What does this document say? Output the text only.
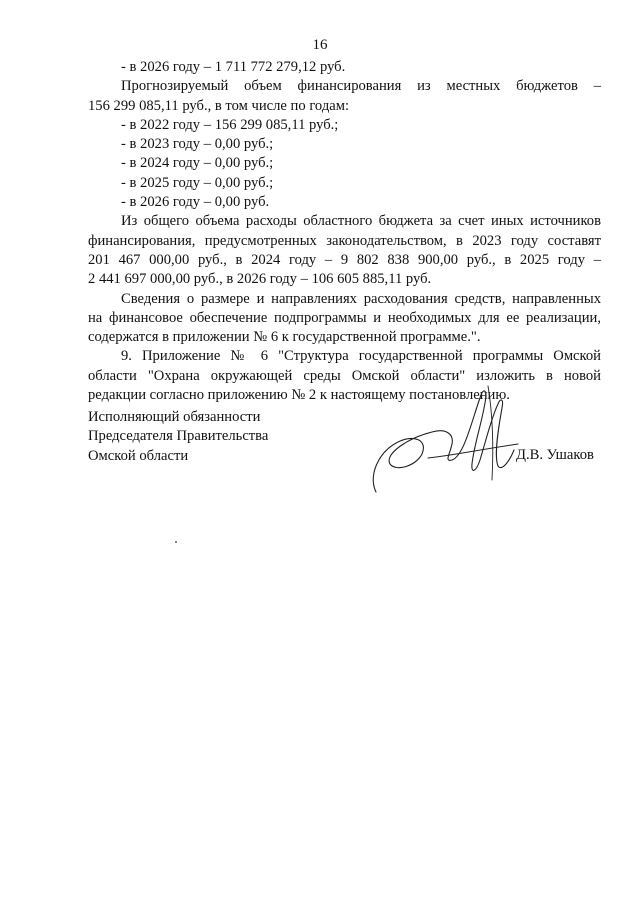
16
- в 2026 году – 1 711 772 279,12 руб.
Прогнозируемый объем финансирования из местных бюджетов –
156 299 085,11 руб., в том числе по годам:
- в 2022 году – 156 299 085,11 руб.;
- в 2023 году – 0,00 руб.;
- в 2024 году – 0,00 руб.;
- в 2025 году – 0,00 руб.;
- в 2026 году – 0,00 руб.
Из общего объема расходы областного бюджета за счет иных источников
финансирования, предусмотренных законодательством, в 2023 году составят
201 467 000,00 руб., в 2024 году – 9 802 838 900,00 руб., в 2025 году –
2 441 697 000,00 руб., в 2026 году – 106 605 885,11 руб.
Сведения о размере и направлениях расходования средств, направленных
на финансовое обеспечение подпрограммы и необходимых для ее реализации,
содержатся в приложении № 6 к государственной программе.".
9. Приложение № 6 "Структура государственной программы Омской
области "Охрана окружающей среды Омской области" изложить в новой
редакции согласно приложению № 2 к настоящему постановлению.
Исполняющий обязанности
Председателя Правительства
Омской области	Д.В. Ушаков
